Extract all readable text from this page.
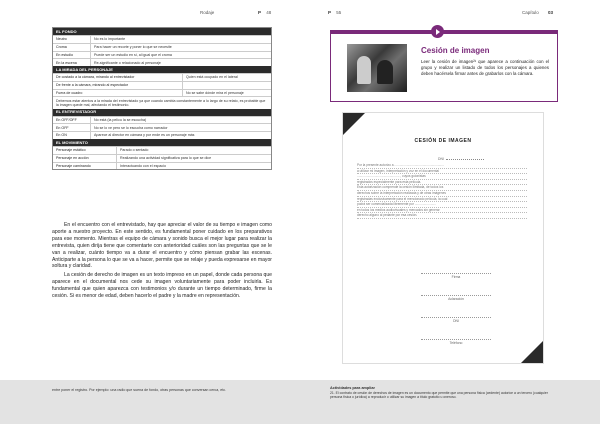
Rodaje	P 48
EL FONDO
Neutro	No es lo importante
Croma	Para hacer un recorte y poner lo que se necesite
En estudio	Puede ser un estudio en sí, al igual que el croma
En la escena	Re-significante o relacionado al personaje
LA MIRADA DEL PERSONAJE
De costado a la cámara, mirando al entrevistador	Quien está ocupado en el lateral
De frente a la cámara, mirando al espectador
Fuera de cuadro	No se sabe dónde mira el personaje
Debemos estar atentos a la mirada del entrevistado ya que cuando cambia constantemente a lo largo de su relato, es probable que la imagen quede mal, afectando el testimonio.
EL ENTREVISTADOR
En OFF/OFF	No está (la pelícu la se escucha)
En OFF	No se lo ve pero se lo escucha como narrador
En ON	Aparece al director en cámara y por ende es un personaje más
EL MOVIMIENTO
Personaje estático	Parado o sentado
Personaje en acción	Realizando una actividad significativa para lo que se dice
Personaje caminando	Interactuando con el espacio

En el encuentro con el entrevistado, hay que apreciar el valor de su tiempo e imagen como aporte a nuestro proyecto. En este sentido, es fundamental poner cuidado en los preparativos para ese momento. Mientras el equipo de cámara y sonido busca el mejor lugar para realizar la entrevista, quien dirija tiene que comentarte con anterioridad cuáles son las preguntas que se le van a realizar, cuánto tiempo va a durar el encuentro y cómo piensan grabar las escenas. Anticiparte a la persona lo que se va a hacer, permite que se relaje y pueda expresarse en mayor soltura y claridad.

La cesión de derecho de imagen es un texto impreso en un papel, donde cada persona que aparece en el documental nos cede su imagen voluntariamente para poder incluirla. Es fundamental que quien aparezca con testimonios y/o durante un tiempo determinado, firme la cesión. Si es menor de edad, deben hacerlo el padre y la madre en representación.

P 55	Capítulo 03
Cesión de imagen
Leer la cesión de imagen²¹ que aparece a continuación con el grupo y realizar un listado de todos los personajes a quienes deben hacérsela firmar antes de grabarlos con la cámara.
CESIÓN DE IMAGEN
DNI
Por la presente autorizo a ........................................................
a utilizar mi imagen, interpretación y voz en el documental
................................................ , cuyos guionistas
registrados especialmente para esta película.
Esta autorización comprende la cesión ilimitada, de todos los
derechos sobre la interpretación realizada y de otras imágenes
registradas exclusivamente para el mencionado película, la cual
podrá ser comercializada libremente por ........................
en todos los medios audiovisuales y mercados sin generar
derecho alguno al pedante por esa cesión.
Firma
Aclaración
DNI
Teléfono
entre poner el registro. Por ejemplo: una radio que suena de fondo, otras personas que conversan cerca, etc.	Actividades para ampliar
21. El contrato de cesión de derechos de imagen es un documento que permite que una persona física (cedente) autorice a un tercero (cualquier persona física o jurídica) a reproducir o utilizar su imagen a título gratuito u oneroso.
